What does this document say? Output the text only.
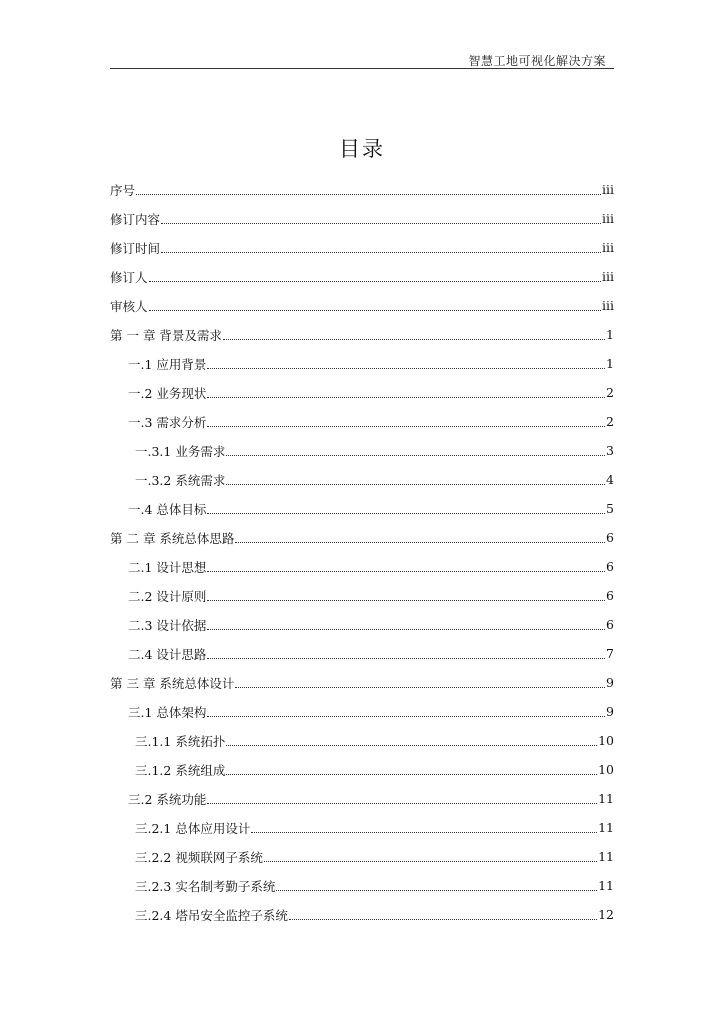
智慧工地可视化解决方案
目录
序号	iii
修订内容	iii
修订时间	iii
修订人	iii
审核人	iii
第 一 章 背景及需求	1
一.1 应用背景	1
一.2 业务现状	2
一.3 需求分析	2
一.3.1 业务需求	3
一.3.2 系统需求	4
一.4 总体目标	5
第 二 章 系统总体思路	6
二.1 设计思想	6
二.2 设计原则	6
二.3 设计依据	6
二.4 设计思路	7
第 三 章 系统总体设计	9
三.1 总体架构	9
三.1.1 系统拓扑	10
三.1.2 系统组成	10
三.2 系统功能	11
三.2.1 总体应用设计	11
三.2.2 视频联网子系统	11
三.2.3 实名制考勤子系统	11
三.2.4 塔吊安全监控子系统	12
